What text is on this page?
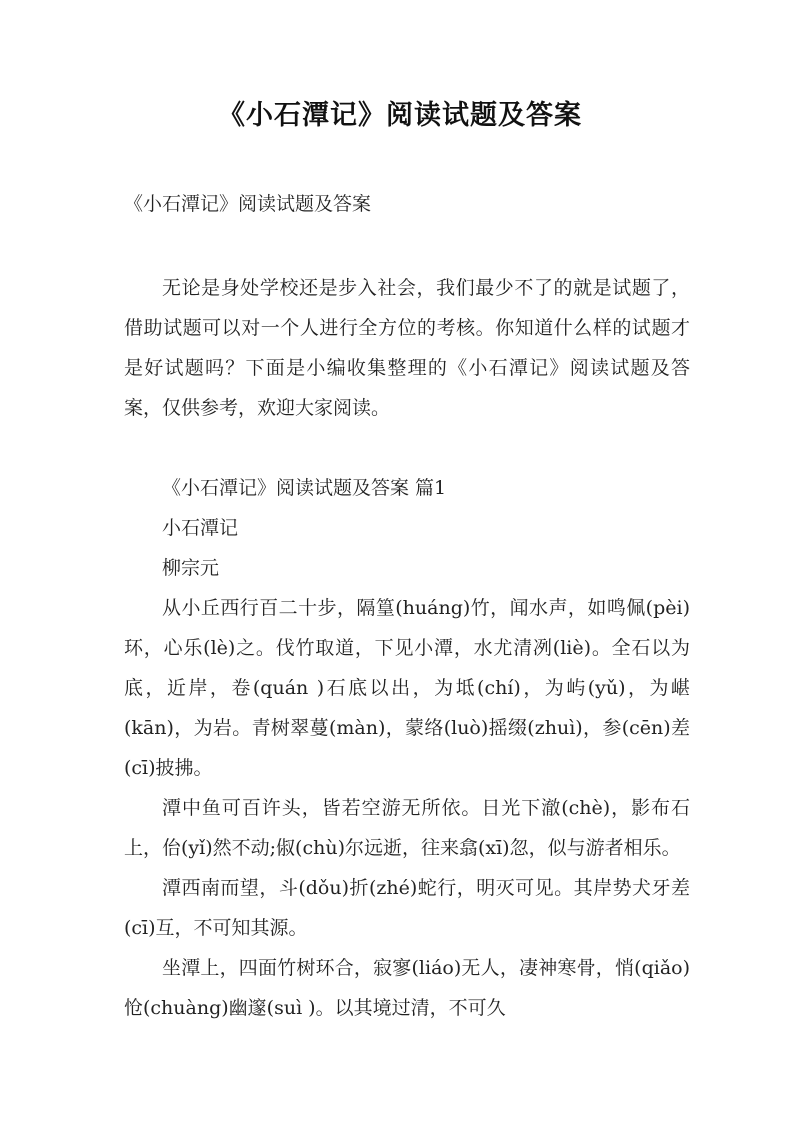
《小石潭记》阅读试题及答案

《小石潭记》阅读试题及答案

无论是身处学校还是步入社会，我们最少不了的就是试题了，借助试题可以对一个人进行全方位的考核。你知道什么样的试题才是好试题吗？下面是小编收集整理的《小石潭记》阅读试题及答案，仅供参考，欢迎大家阅读。

《小石潭记》阅读试题及答案 篇1

小石潭记

柳宗元

从小丘西行百二十步，隔篁(huáng)竹，闻水声，如鸣佩(pèi)环，心乐(lè)之。伐竹取道，下见小潭，水尤清冽(liè)。全石以为底，近岸，卷(quán )石底以出，为坻(chí)，为屿(yǔ)，为嵁(kān)，为岩。青树翠蔓(màn)，蒙络(luò)摇缀(zhuì)，参(cēn)差(cī)披拂。

潭中鱼可百许头，皆若空游无所依。日光下澈(chè)，影布石上，佁(yǐ)然不动;俶(chù)尔远逝，往来翕(xī)忽，似与游者相乐。

潭西南而望，斗(dǒu)折(zhé)蛇行，明灭可见。其岸势犬牙差(cī)互，不可知其源。

坐潭上，四面竹树环合，寂寥(liáo)无人，凄神寒骨，悄(qiǎo)怆(chuàng)幽邃(suì )。以其境过清，不可久
